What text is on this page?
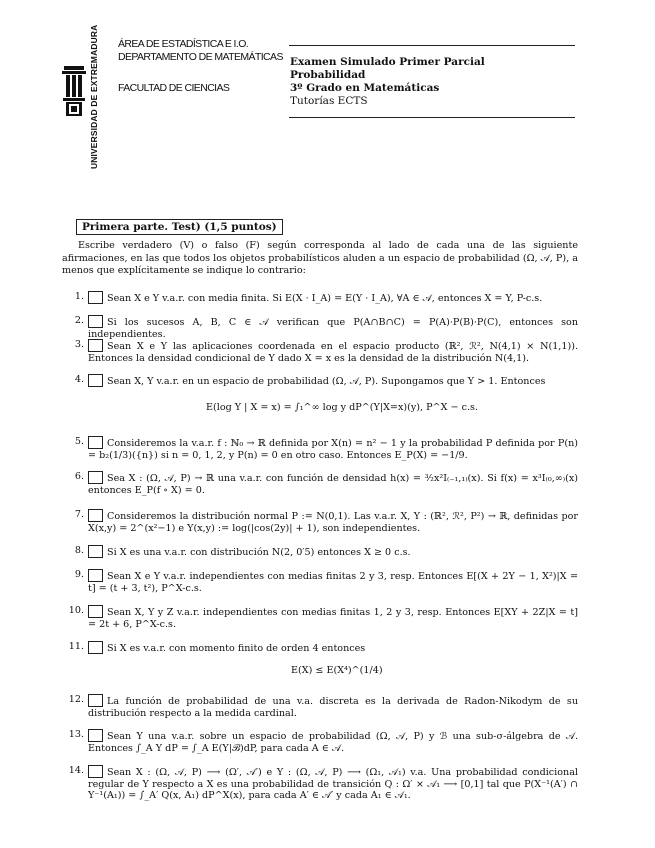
UNIVERSIDAD DE EXTREMADURA ÁREA DE ESTADÍSTICA E I.O.
DEPARTAMENTO DE MATEMÁTICAS
FACULTAD DE CIENCIAS
Examen Simulado Primer Parcial
Probabilidad
3º Grado en Matemáticas
Tutorías ECTS
Primera parte. Test) (1,5 puntos)
Escribe verdadero (V) o falso (F) según corresponda al lado de cada una de las siguiente afirmaciones, en las que todos los objetos probabilísticos aluden a un espacio de probabilidad (Ω, 𝒜, P), a menos que explícitamente se indique lo contrario:
1.	Sean X e Y v.a.r. con media finita. Si E(X · I_A) = E(Y · I_A), ∀A ∈ 𝒜, entonces X = Y, P-c.s.
2.	Si los sucesos A, B, C ∈ 𝒜 verifican que P(A∩B∩C) = P(A)·P(B)·P(C), entonces son independientes.
3.	Sean X e Y las aplicaciones coordenada en el espacio producto (ℝ², ℛ², N(4,1) × N(1,1)). Entonces la densidad condicional de Y dado X = x es la densidad de la distribución N(4,1).
4.	Sean X, Y v.a.r. en un espacio de probabilidad (Ω, 𝒜, P). Supongamos que Y > 1. Entonces
E(log Y | X = x) = ∫₁^∞ log y dP^(Y|X=x)(y), P^X − c.s.
5.	Consideremos la v.a.r. f : ℕ₀ → ℝ definida por X(n) = n² − 1 y la probabilidad P definida por P(n) = b₂(1/3)({n}) si n = 0, 1, 2, y P(n) = 0 en otro caso. Entonces E_P(X) = −1/9.
6.	Sea X : (Ω, 𝒜, P) → ℝ una v.a.r. con función de densidad h(x) = ³⁄₂x²I₍₋₁,₁₎(x). Si f(x) = x³I₍₀,∞₎(x) entonces E_P(f ∘ X) = 0.
7.	Consideremos la distribución normal P := N(0,1). Las v.a.r. X, Y : (ℝ², ℛ², P²) → ℝ, definidas por X(x,y) = 2^(x²−1) e Y(x,y) := log(|cos(2y)| + 1), son independientes.
8.	Si X es una v.a.r. con distribución N(2, 0′5) entonces X ≥ 0 c.s.
9.	Sean X e Y v.a.r. independientes con medias finitas 2 y 3, resp. Entonces E[(X + 2Y − 1, X²)|X = t] = (t + 3, t²), P^X-c.s.
10.	Sean X, Y y Z v.a.r. independientes con medias finitas 1, 2 y 3, resp. Entonces E[XY + 2Z|X = t] = 2t + 6, P^X-c.s.
11.	Si X es v.a.r. con momento finito de orden 4 entonces
E(X) ≤ E(X⁴)^(1/4)
12.	La función de probabilidad de una v.a. discreta es la derivada de Radon-Nikodym de su distribución respecto a la medida cardinal.
13.	Sean Y una v.a.r. sobre un espacio de probabilidad (Ω, 𝒜, P) y ℬ una sub-σ-álgebra de 𝒜. Entonces ∫_A Y dP = ∫_A E(Y|ℬ)dP, para cada A ∈ 𝒜.
14.	Sean X : (Ω, 𝒜, P) ⟶ (Ω′, 𝒜′) e Y : (Ω, 𝒜, P) ⟶ (Ω₁, 𝒜₁) v.a. Una probabilidad condicional regular de Y respecto a X es una probabilidad de transición Q : Ω′ × 𝒜₁ ⟶ [0,1] tal que P(X⁻¹(A′) ∩ Y⁻¹(A₁)) = ∫_A′ Q(x, A₁) dP^X(x), para cada A′ ∈ 𝒜′ y cada A₁ ∈ 𝒜₁.
